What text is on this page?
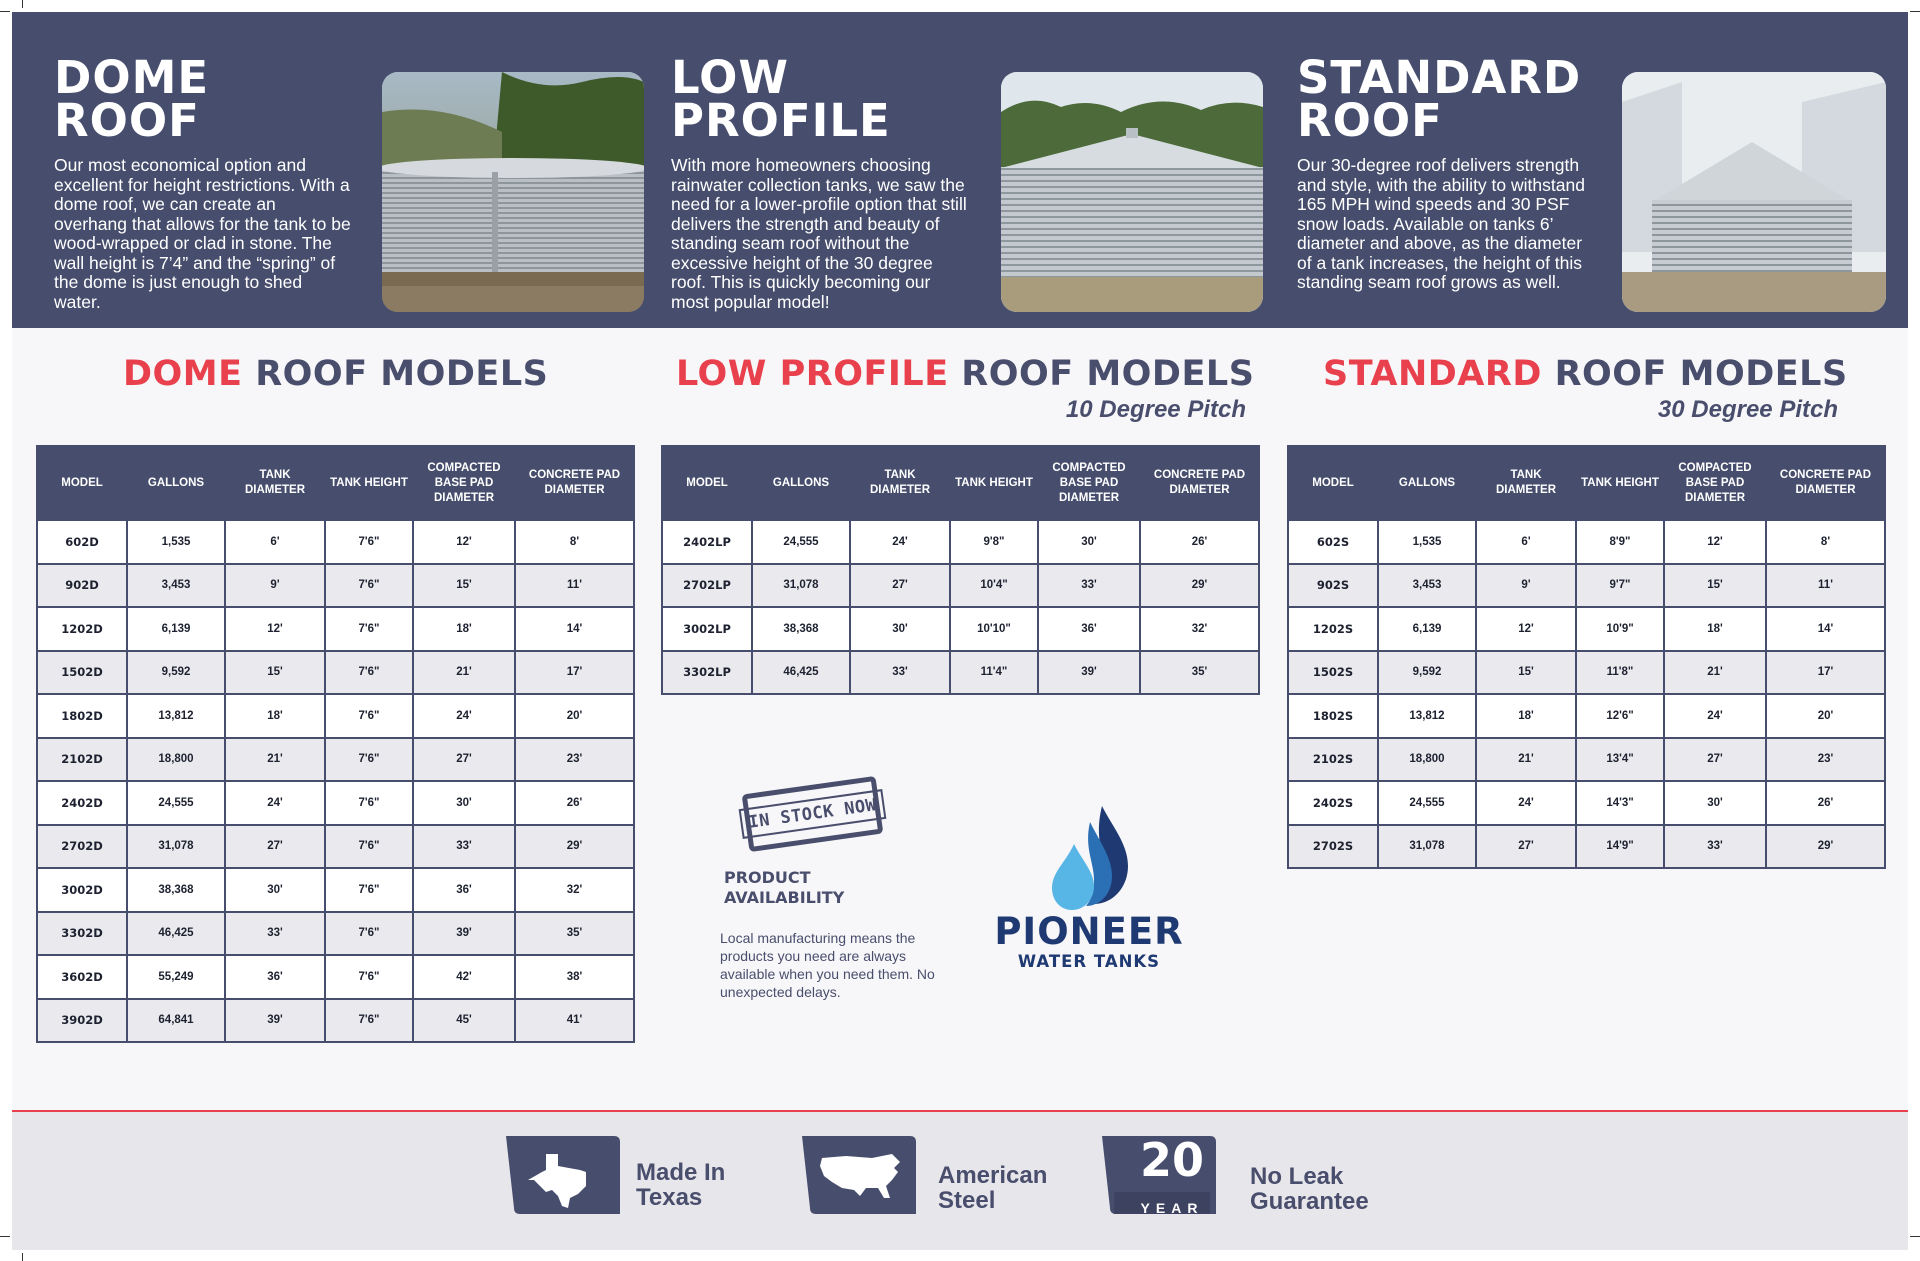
DOME
ROOF
Our most economical option and excellent for height restrictions. With a dome roof, we can create an overhang that allows for the tank to be wood-wrapped or clad in stone. The wall height is 7’4” and the “spring” of the dome is just enough to shed water.
LOW
PROFILE
With more homeowners choosing rainwater collection tanks, we saw the need for a lower-profile option that still delivers the strength and beauty of standing seam roof without the excessive height of the 30 degree roof. This is quickly becoming our most popular model!
STANDARD
ROOF
Our 30-degree roof delivers strength and style, with the ability to withstand 165 MPH wind speeds and 30 PSF snow loads. Available on tanks 6’ diameter and above, as the diameter of a tank increases, the height of this standing seam roof grows as well.
DOME ROOF MODELS	LOW PROFILE ROOF MODELS
10 Degree Pitch
STANDARD ROOF MODELS
30 Degree Pitch
MODEL	GALLONS	TANK DIAMETER	TANK HEIGHT	COMPACTED BASE PAD DIAMETER	CONCRETE PAD DIAMETER
602D	1,535	6'	7'6"	12'	8'
902D	3,453	9'	7'6"	15'	11'
1202D	6,139	12'	7'6"	18'	14'
1502D	9,592	15'	7'6"	21'	17'
1802D	13,812	18'	7'6"	24'	20'
2102D	18,800	21'	7'6"	27'	23'
2402D	24,555	24'	7'6"	30'	26'
2702D	31,078	27'	7'6"	33'	29'
3002D	38,368	30'	7'6"	36'	32'
3302D	46,425	33'	7'6"	39'	35'
3602D	55,249	36'	7'6"	42'	38'
3902D	64,841	39'	7'6"	45'	41'
MODEL	GALLONS	TANK DIAMETER	TANK HEIGHT	COMPACTED BASE PAD DIAMETER	CONCRETE PAD DIAMETER
2402LP	24,555	24'	9'8"	30'	26'
2702LP	31,078	27'	10'4"	33'	29'
3002LP	38,368	30'	10'10"	36'	32'
3302LP	46,425	33'	11'4"	39'	35'
MODEL	GALLONS	TANK DIAMETER	TANK HEIGHT	COMPACTED BASE PAD DIAMETER	CONCRETE PAD DIAMETER
602S	1,535	6'	8'9"	12'	8'
902S	3,453	9'	9'7"	15'	11'
1202S	6,139	12'	10'9"	18'	14'
1502S	9,592	15'	11'8"	21'	17'
1802S	13,812	18'	12'6"	24'	20'
2102S	18,800	21'	13'4"	27'	23'
2402S	24,555	24'	14'3"	30'	26'
2702S	31,078	27'	14'9"	33'	29'
IN STOCK NOW
PRODUCT
AVAILABILITY
Local manufacturing means the products you need are always available when you need them. No unexpected delays.
PIONEER
WATER TANKS
Made In
Texas
American
Steel
No Leak
Guarantee
20
YEAR
